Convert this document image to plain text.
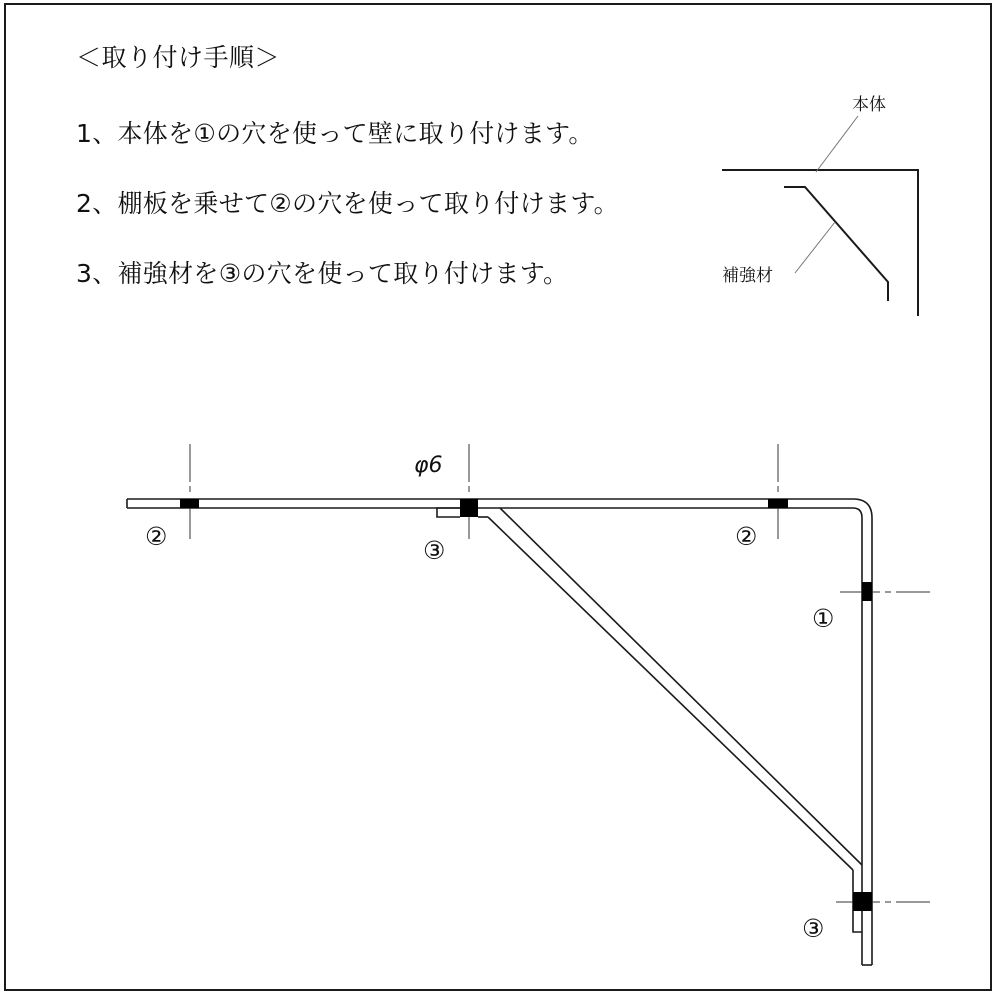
＜取り付け手順＞
1、本体を①の穴を使って壁に取り付けます。
2、棚板を乗せて②の穴を使って取り付けます。
3、補強材を③の穴を使って取り付けます。
本体
補強材
φ6
②	③	②
①
③
